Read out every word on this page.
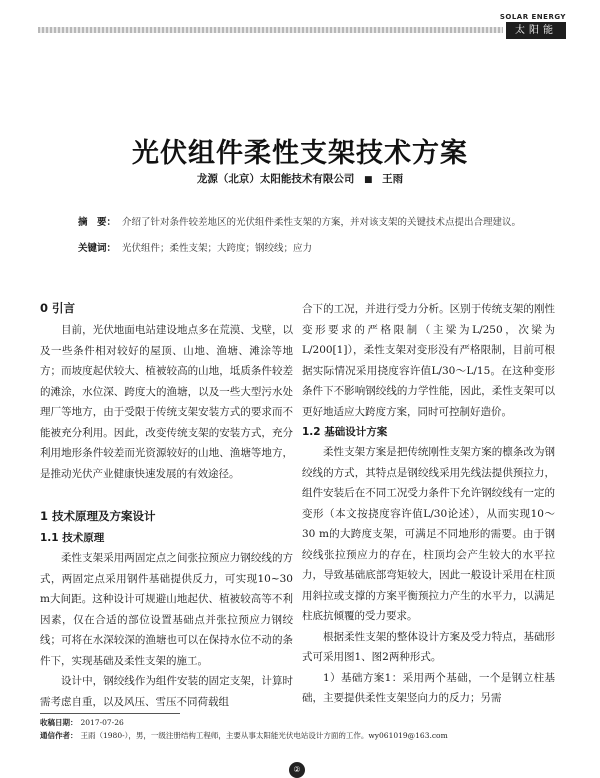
SOLAR ENERGY
太阳能
光伏组件柔性支架技术方案
龙源（北京）太阳能技术有限公司 ■ 王雨

摘　要： 介绍了针对条件较差地区的光伏组件柔性支架的方案，并对该支架的关键技术点提出合理建议。

关键词： 光伏组件；柔性支架；大跨度；钢绞线；应力

0 引言

目前，光伏地面电站建设地点多在荒漠、戈壁，以及一些条件相对较好的屋顶、山地、渔塘、滩涂等地方；而坡度起伏较大、植被较高的山地，坻质条件较差的滩涂，水位深、跨度大的渔塘，以及一些大型污水处理厂等地方，由于受限于传统支架安装方式的要求而不能被充分利用。因此，改变传统支架的安装方式，充分利用地形条件较差而光资源较好的山地、渔塘等地方，是推动光伏产业健康快速发展的有效途径。

1 技术原理及方案设计
1.1 技术原理

柔性支架采用两固定点之间张拉预应力钢绞线的方式，两固定点采用钢件基础提供反力，可实现10~30 m大间距。这种设计可规避山地起伏、植被较高等不利因素，仅在合适的部位设置基础点并张拉预应力钢绞线；可将在水深较深的渔塘也可以在保持水位不动的条件下，实现基础及柔性支架的施工。

设计中，钢绞线作为组件安装的固定支架，计算时需考虑自重，以及风压、雪压不同荷载组

合下的工况，并进行受力分析。区别于传统支架的刚性变形要求的严格限制（主梁为L/250，次梁为L/200[1]），柔性支架对变形没有严格限制，目前可根据实际情况采用挠度容许值L/30～L/15。在这种变形条件下不影响钢绞线的力学性能，因此，柔性支架可以更好地适应大跨度方案，同时可控制好造价。

1.2 基础设计方案

柔性支架方案是把传统刚性支架方案的檩条改为钢绞线的方式，其特点是钢绞线采用先线法提供预拉力，组件安装后在不同工况受力条件下允许钢绞线有一定的变形（本文按挠度容许值L/30论述），从而实现10～30 m的大跨度支架，可满足不同地形的需要。由于钢绞线张拉预应力的存在，柱顶均会产生较大的水平拉力，导致基础底部弯矩较大，因此一般设计采用在柱顶用斜拉或支撑的方案平衡预拉力产生的水平力，以满足柱底抗倾覆的受力要求。

根据柔性支架的整体设计方案及受力特点，基础形式可采用图1、图2两种形式。

1）基础方案1：采用两个基础，一个是钢立柱基础，主要提供柔性支架竖向力的反力；另需

收稿日期： 2017-07-26
通信作者： 王雨（1980-），男，一级注册结构工程师，主要从事太阳能光伏电站设计方面的工作。wy061019@163.com
②
